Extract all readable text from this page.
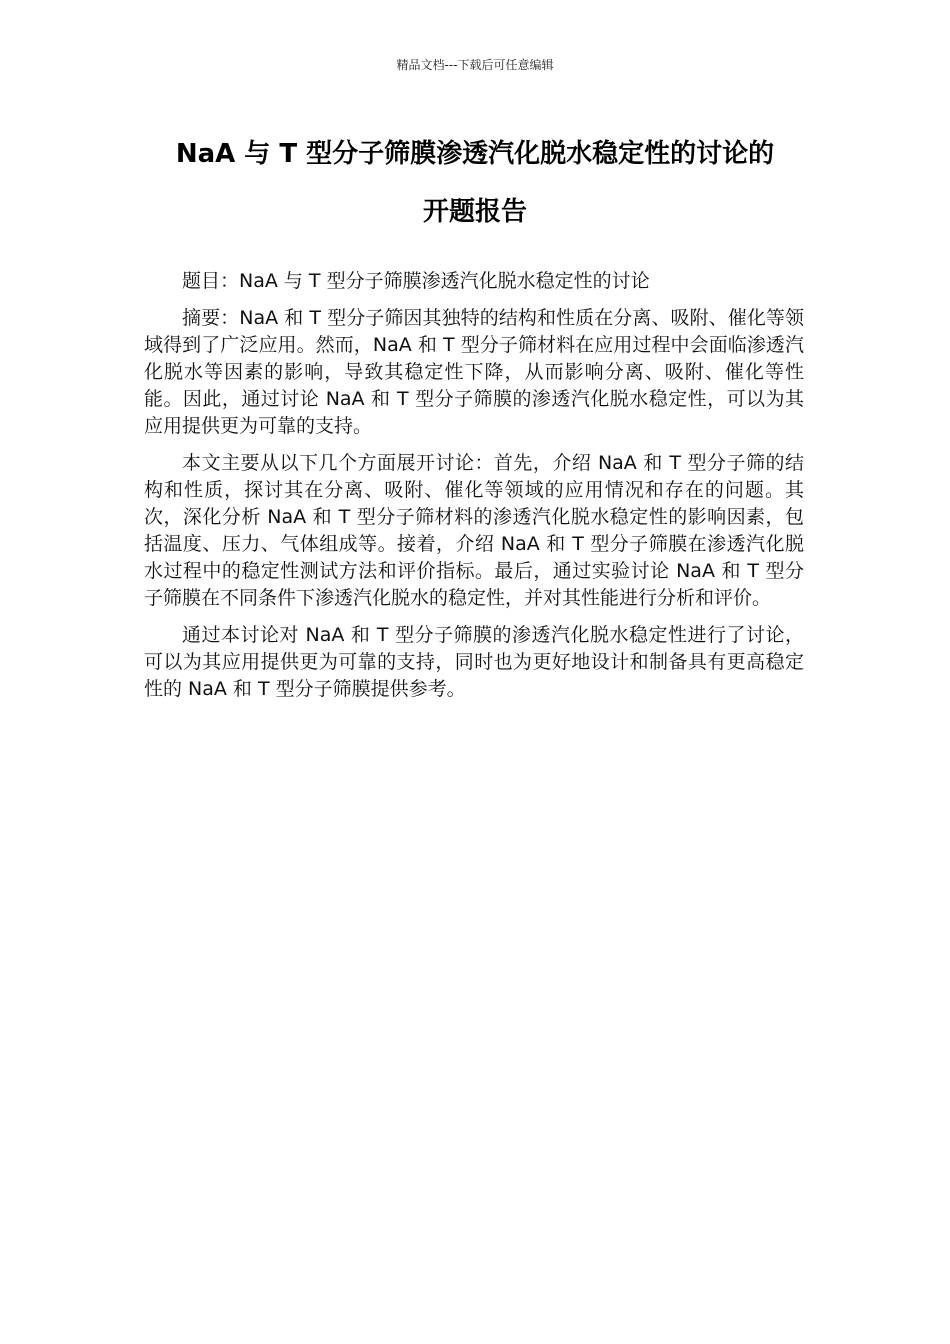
精品文档---下载后可任意编辑
NaA 与 T 型分子筛膜渗透汽化脱水稳定性的讨论的
开题报告

题目：NaA 与 T 型分子筛膜渗透汽化脱水稳定性的讨论

摘要：NaA 和 T 型分子筛因其独特的结构和性质在分离、吸附、催化等领域得到了广泛应用。然而，NaA 和 T 型分子筛材料在应用过程中会面临渗透汽化脱水等因素的影响，导致其稳定性下降，从而影响分离、吸附、催化等性能。因此，通过讨论 NaA 和 T 型分子筛膜的渗透汽化脱水稳定性，可以为其应用提供更为可靠的支持。

本文主要从以下几个方面展开讨论：首先，介绍 NaA 和 T 型分子筛的结构和性质，探讨其在分离、吸附、催化等领域的应用情况和存在的问题。其次，深化分析 NaA 和 T 型分子筛材料的渗透汽化脱水稳定性的影响因素，包括温度、压力、气体组成等。接着，介绍 NaA 和 T 型分子筛膜在渗透汽化脱水过程中的稳定性测试方法和评价指标。最后，通过实验讨论 NaA 和 T 型分子筛膜在不同条件下渗透汽化脱水的稳定性，并对其性能进行分析和评价。

通过本讨论对 NaA 和 T 型分子筛膜的渗透汽化脱水稳定性进行了讨论，可以为其应用提供更为可靠的支持，同时也为更好地设计和制备具有更高稳定性的 NaA 和 T 型分子筛膜提供参考。
